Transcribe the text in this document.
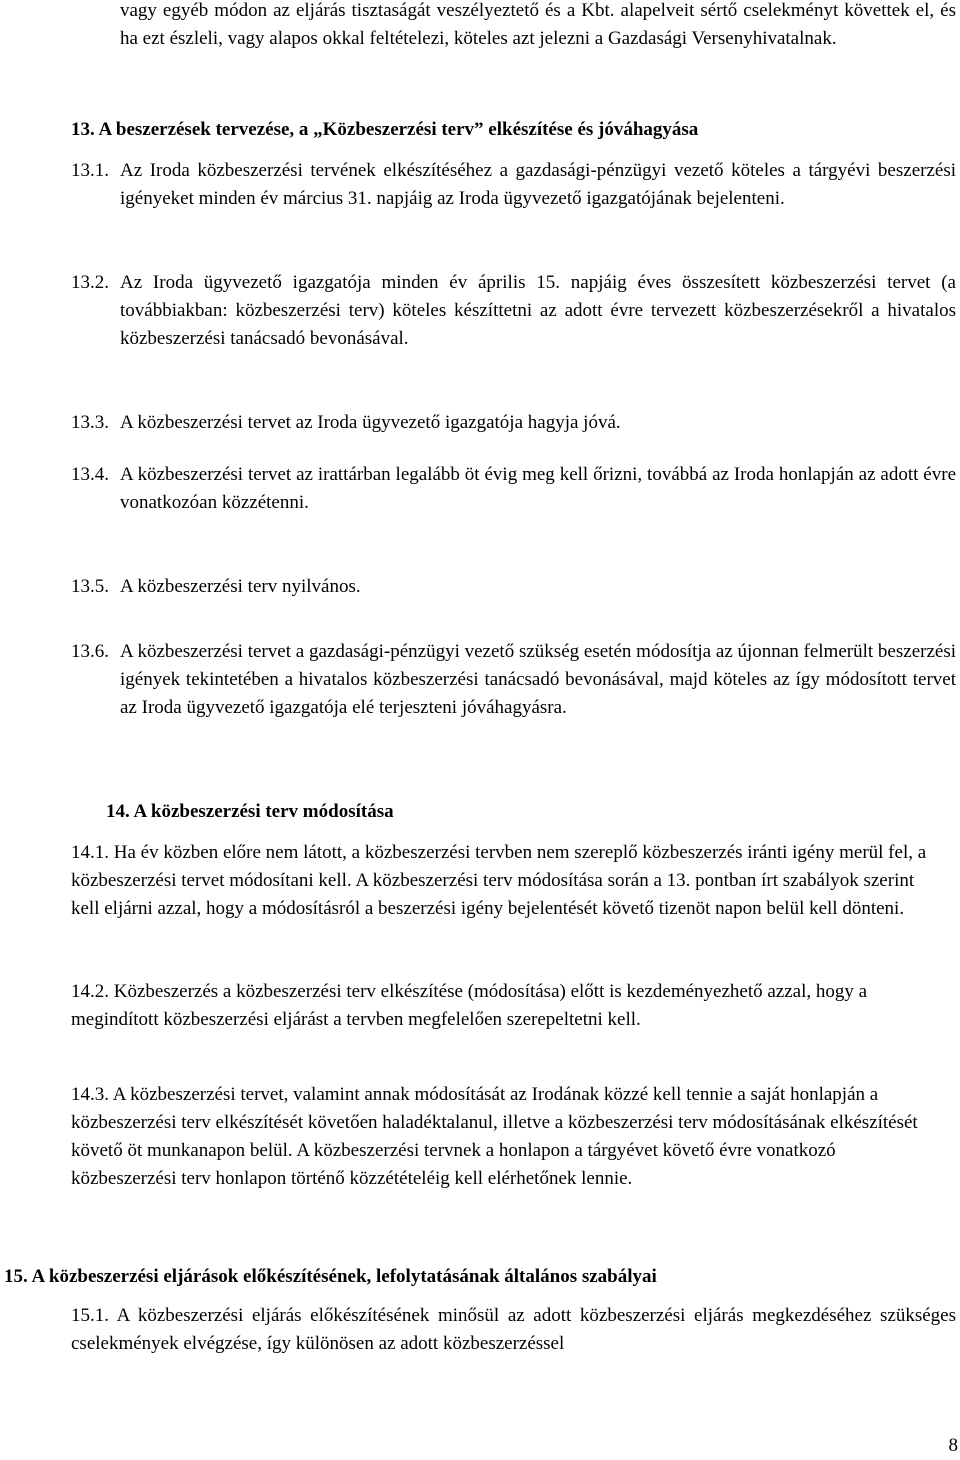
vagy egyéb módon az eljárás tisztaságát veszélyeztető és a Kbt. alapelveit sértő cselekményt követtek el, és ha ezt észleli, vagy alapos okkal feltételezi, köteles azt jelezni a Gazdasági Versenyhivatalnak.

13. A beszerzések tervezése, a „Közbeszerzési terv” elkészítése és jóváhagyása

13.1. Az Iroda közbeszerzési tervének elkészítéséhez a gazdasági-pénzügyi vezető köteles a tárgyévi beszerzési igényeket minden év március 31. napjáig az Iroda ügyvezető igazgatójának bejelenteni.
13.2. Az Iroda ügyvezető igazgatója minden év április 15. napjáig éves összesített közbeszerzési tervet (a továbbiakban: közbeszerzési terv) köteles készíttetni az adott évre tervezett közbeszerzésekről a hivatalos közbeszerzési tanácsadó bevonásával.
13.3. A közbeszerzési tervet az Iroda ügyvezető igazgatója hagyja jóvá.
13.4. A közbeszerzési tervet az irattárban legalább öt évig meg kell őrizni, továbbá az Iroda honlapján az adott évre vonatkozóan közzétenni.
13.5. A közbeszerzési terv nyilvános.
13.6. A közbeszerzési tervet a gazdasági-pénzügyi vezető szükség esetén módosítja az újonnan felmerült beszerzési igények tekintetében a hivatalos közbeszerzési tanácsadó bevonásával, majd köteles az így módosított tervet az Iroda ügyvezető igazgatója elé terjeszteni jóváhagyásra.

14. A közbeszerzési terv módosítása

14.1. Ha év közben előre nem látott, a közbeszerzési tervben nem szereplő közbeszerzés iránti igény merül fel, a közbeszerzési tervet módosítani kell. A közbeszerzési terv módosítása során a 13. pontban írt szabályok szerint kell eljárni azzal, hogy a módosításról a beszerzési igény bejelentését követő tizenöt napon belül kell dönteni.

14.2. Közbeszerzés a közbeszerzési terv elkészítése (módosítása) előtt is kezdeményezhető azzal, hogy a megindított közbeszerzési eljárást a tervben megfelelően szerepeltetni kell.

14.3. A közbeszerzési tervet, valamint annak módosítását az Irodának közzé kell tennie a saját honlapján a közbeszerzési terv elkészítését követően haladéktalanul, illetve a közbeszerzési terv módosításának elkészítését követő öt munkanapon belül. A közbeszerzési tervnek a honlapon a tárgyévet követő évre vonatkozó közbeszerzési terv honlapon történő közzétételéig kell elérhetőnek lennie.

15. A közbeszerzési eljárások előkészítésének, lefolytatásának általános szabályai

15.1. A közbeszerzési eljárás előkészítésének minősül az adott közbeszerzési eljárás megkezdéséhez szükséges cselekmények elvégzése, így különösen az adott közbeszerzéssel

8
